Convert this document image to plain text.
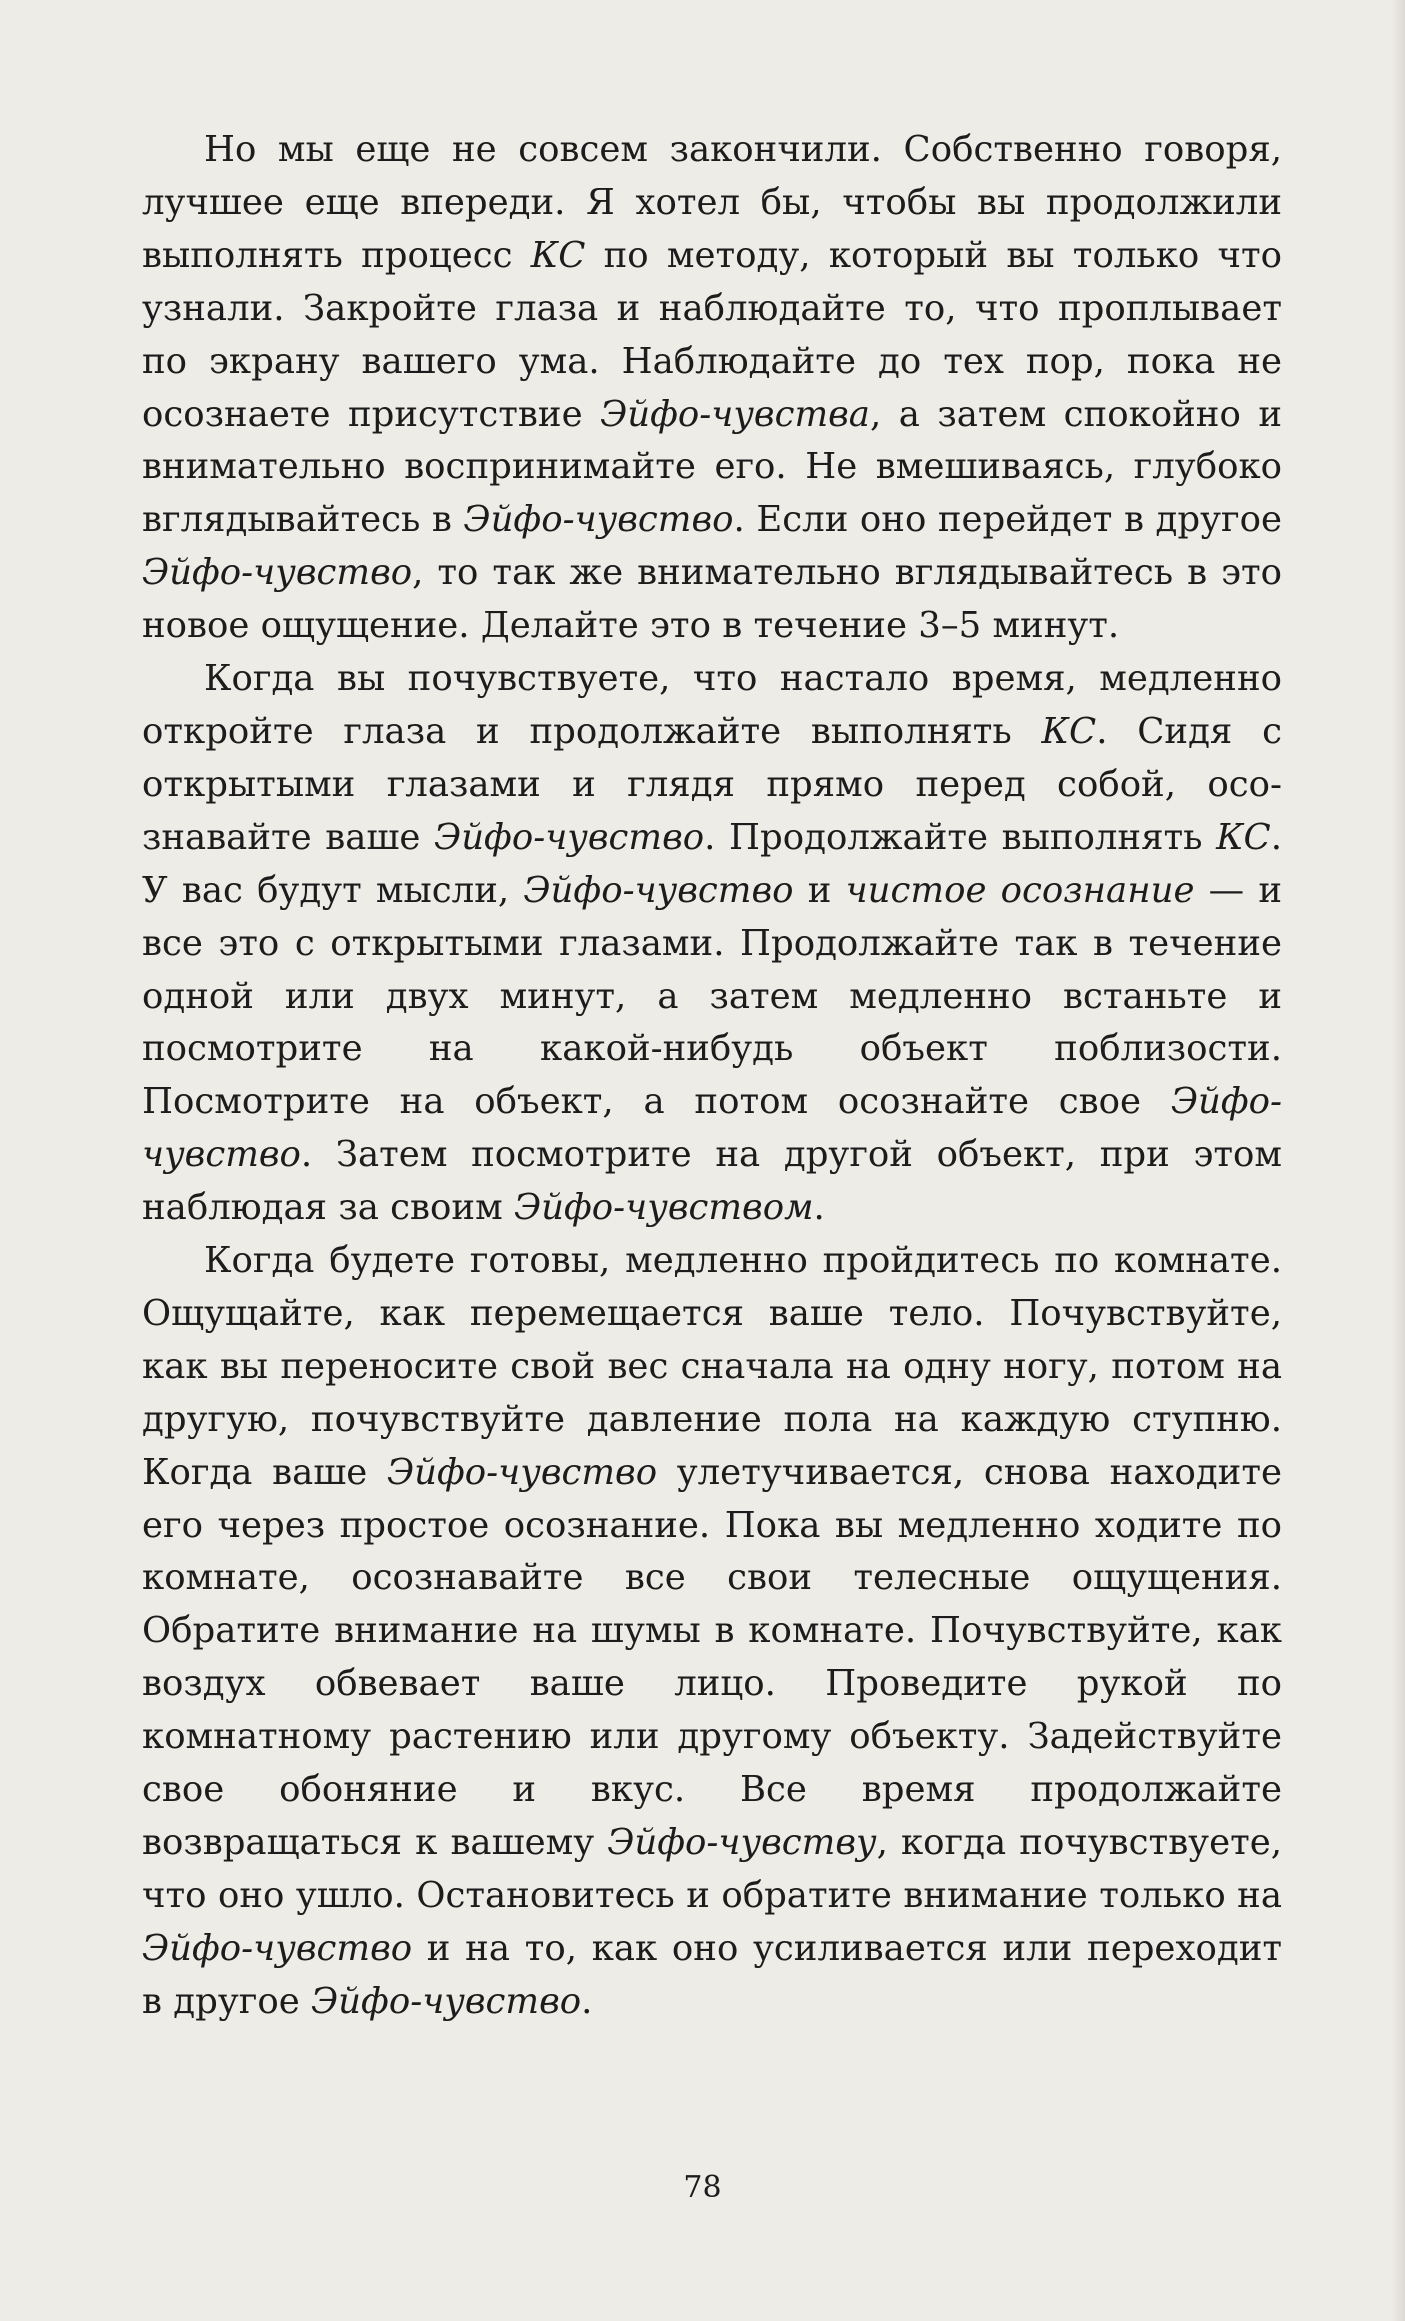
Но мы еще не совсем закончили. Собственно говоря, лучшее еще впереди. Я хотел бы, чтобы вы продолжили выполнять процесс КС по методу, который вы только что узнали. Закройте глаза и наблюдайте то, что проплывает по экрану вашего ума. Наблюдайте до тех пор, пока не осознаете присутствие Эйфо-чувства, а затем спокойно и внимательно воспринимайте его. Не вмешиваясь, глубоко вглядывайтесь в Эйфо-чувство. Если оно перейдет в другое Эйфо-чувство, то так же внимательно вглядывайтесь в это новое ощущение. Делайте это в течение 3–5 минут.

Когда вы почувствуете, что настало время, медленно откройте глаза и продолжайте выполнять КС. Сидя с открытыми глазами и глядя прямо перед собой, осознавайте ваше Эйфо-чувство. Продолжайте выполнять КС. У вас будут мысли, Эйфо-чувство и чистое осознание — и все это с открытыми глазами. Продолжайте так в течение одной или двух минут, а затем медленно встаньте и посмотрите на какой-нибудь объект поблизости. Посмотрите на объект, а потом осознайте свое Эйфо-чувство. Затем посмотрите на другой объект, при этом наблюдая за своим Эйфо-чувством.

Когда будете готовы, медленно пройдитесь по комнате. Ощущайте, как перемещается ваше тело. Почувствуйте, как вы переносите свой вес сначала на одну ногу, потом на другую, почувствуйте давление пола на каждую ступню. Когда ваше Эйфо-чувство улетучивается, снова находите его через простое осознание. Пока вы медленно ходите по комнате, осознавайте все свои телесные ощущения. Обратите внимание на шумы в комнате. Почувствуйте, как воздух обвевает ваше лицо. Проведите рукой по комнатному растению или другому объекту. Задействуйте свое обоняние и вкус. Все время продолжайте возвращаться к вашему Эйфо-чувству, когда почувствуете, что оно ушло. Остановитесь и обратите внимание только на Эйфо-чувство и на то, как оно усиливается или переходит в другое Эйфо-чувство.

78
